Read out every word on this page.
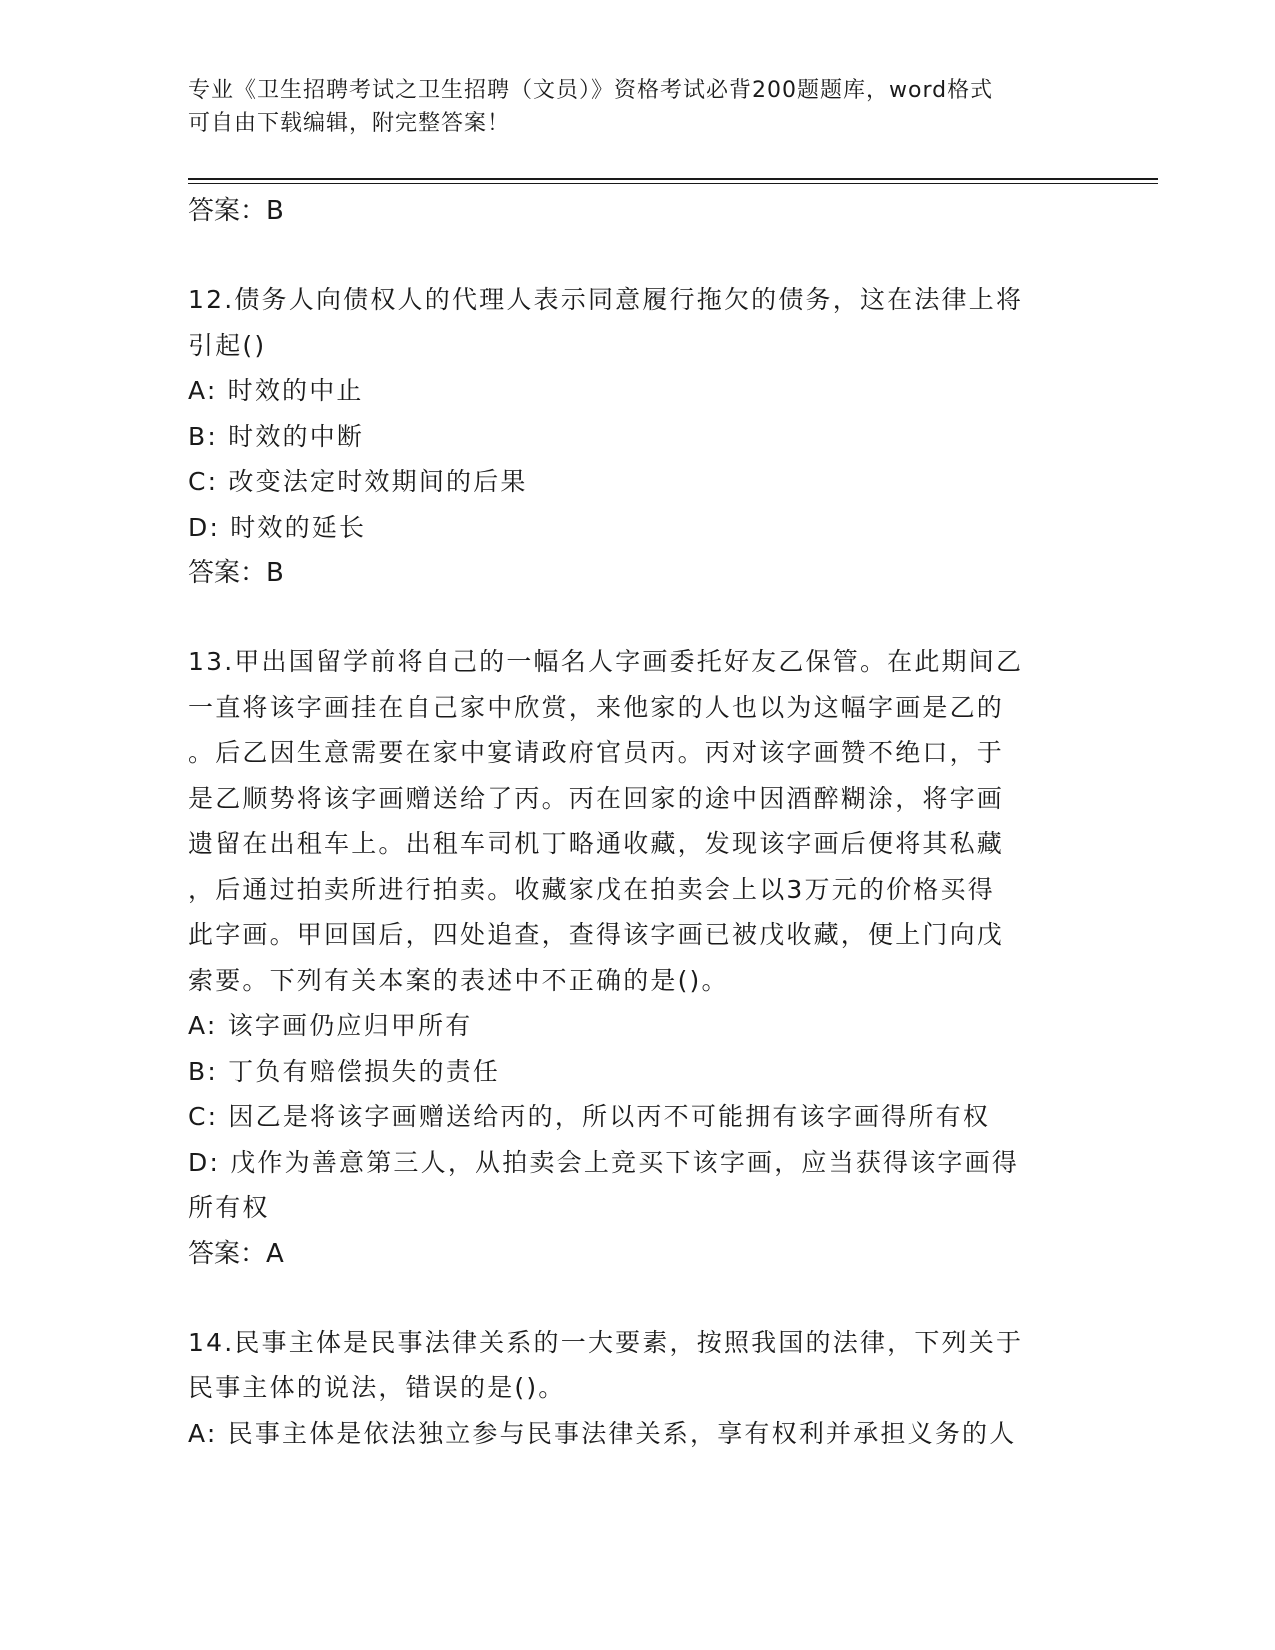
专业《卫生招聘考试之卫生招聘（文员）》资格考试必背200题题库，word格式
可自由下载编辑，附完整答案！
答案：B

12.债务人向债权人的代理人表示同意履行拖欠的债务，这在法律上将

引起()

A: 时效的中止

B: 时效的中断

C: 改变法定时效期间的后果

D: 时效的延长

答案：B

13.甲出国留学前将自己的一幅名人字画委托好友乙保管。在此期间乙

一直将该字画挂在自己家中欣赏，来他家的人也以为这幅字画是乙的

。后乙因生意需要在家中宴请政府官员丙。丙对该字画赞不绝口，于

是乙顺势将该字画赠送给了丙。丙在回家的途中因酒醉糊涂，将字画

遗留在出租车上。出租车司机丁略通收藏，发现该字画后便将其私藏

，后通过拍卖所进行拍卖。收藏家戊在拍卖会上以3万元的价格买得

此字画。甲回国后，四处追查，查得该字画已被戊收藏，便上门向戊

索要。下列有关本案的表述中不正确的是()。

A: 该字画仍应归甲所有

B: 丁负有赔偿损失的责任

C: 因乙是将该字画赠送给丙的，所以丙不可能拥有该字画得所有权

D: 戊作为善意第三人，从拍卖会上竞买下该字画，应当获得该字画得

所有权

答案：A

14.民事主体是民事法律关系的一大要素，按照我国的法律，下列关于

民事主体的说法，错误的是()。

A: 民事主体是依法独立参与民事法律关系，享有权利并承担义务的人
